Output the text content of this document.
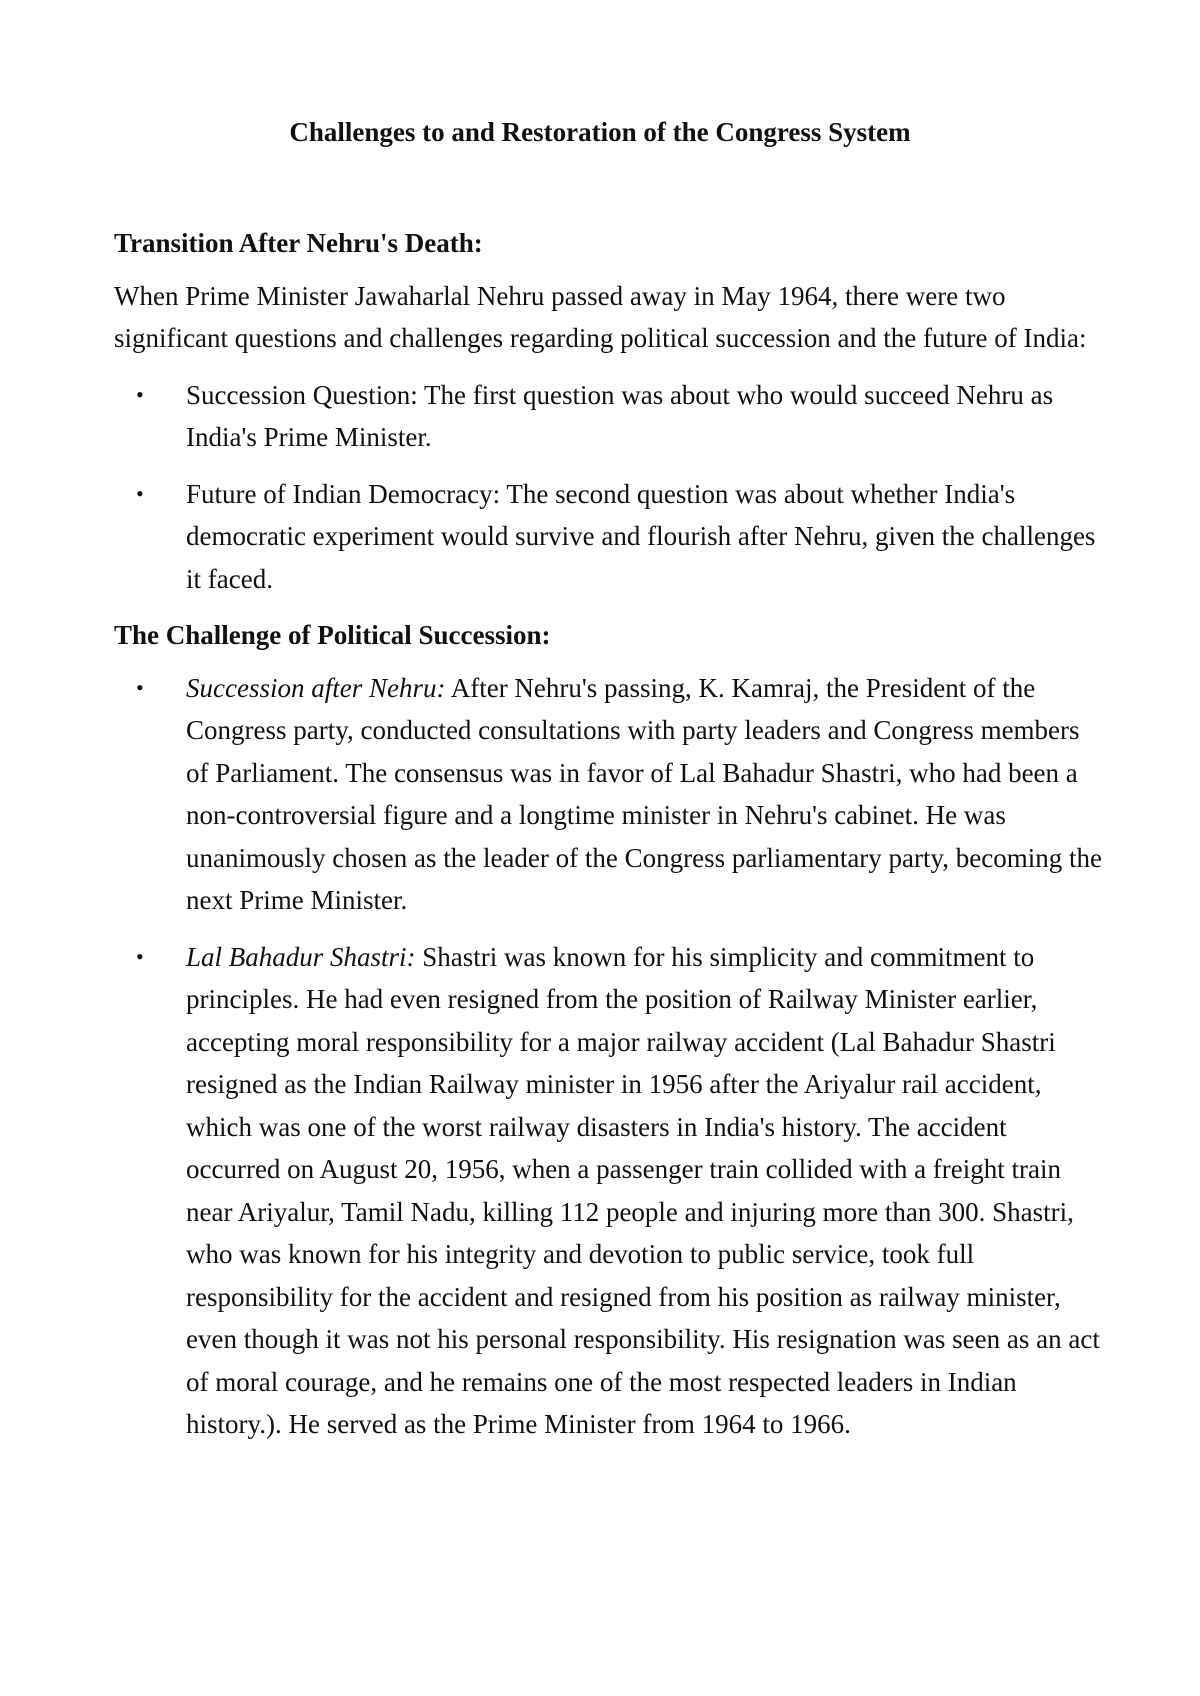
Challenges to and Restoration of the Congress System

Transition After Nehru's Death:

When Prime Minister Jawaharlal Nehru passed away in May 1964, there were two significant questions and challenges regarding political succession and the future of India:

• Succession Question: The first question was about who would succeed Nehru as India's Prime Minister.
• Future of Indian Democracy: The second question was about whether India's democratic experiment would survive and flourish after Nehru, given the challenges it faced.

The Challenge of Political Succession:

• Succession after Nehru: After Nehru's passing, K. Kamraj, the President of the Congress party, conducted consultations with party leaders and Congress members of Parliament. The consensus was in favor of Lal Bahadur Shastri, who had been a non-controversial figure and a longtime minister in Nehru's cabinet. He was unanimously chosen as the leader of the Congress parliamentary party, becoming the next Prime Minister.
• Lal Bahadur Shastri: Shastri was known for his simplicity and commitment to principles. He had even resigned from the position of Railway Minister earlier, accepting moral responsibility for a major railway accident (Lal Bahadur Shastri resigned as the Indian Railway minister in 1956 after the Ariyalur rail accident, which was one of the worst railway disasters in India's history. The accident occurred on August 20, 1956, when a passenger train collided with a freight train near Ariyalur, Tamil Nadu, killing 112 people and injuring more than 300. Shastri, who was known for his integrity and devotion to public service, took full responsibility for the accident and resigned from his position as railway minister, even though it was not his personal responsibility. His resignation was seen as an act of moral courage, and he remains one of the most respected leaders in Indian history.). He served as the Prime Minister from 1964 to 1966.
